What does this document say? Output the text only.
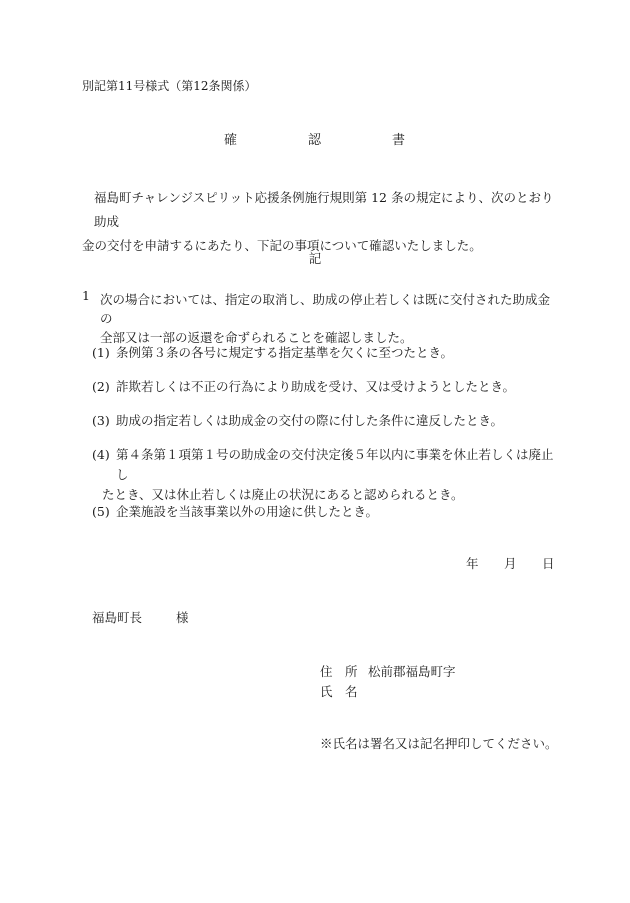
別記第11号様式（第12条関係）
確	認	書
福島町チャレンジスピリット応援条例施行規則第 12 条の規定により、次のとおり助成
金の交付を申請するにあたり、下記の事項について確認いたしました。
記
1 次の場合においては、指定の取消し、助成の停止若しくは既に交付された助成金の
全部又は一部の返還を命ずられることを確認しました。
(1) 条例第３条の各号に規定する指定基準を欠くに至つたとき。
(2) 詐欺若しくは不正の行為により助成を受け、又は受けようとしたとき。
(3) 助成の指定若しくは助成金の交付の際に付した条件に違反したとき。
(4) 第４条第１項第１号の助成金の交付決定後５年以内に事業を休止若しくは廃止し
たとき、又は休止若しくは廃止の状況にあると認められるとき。
(5) 企業施設を当該事業以外の用途に供したとき。
年 月 日
福島町長	様
住　所 松前郡福島町字
氏　名
※氏名は署名又は記名押印してください。
